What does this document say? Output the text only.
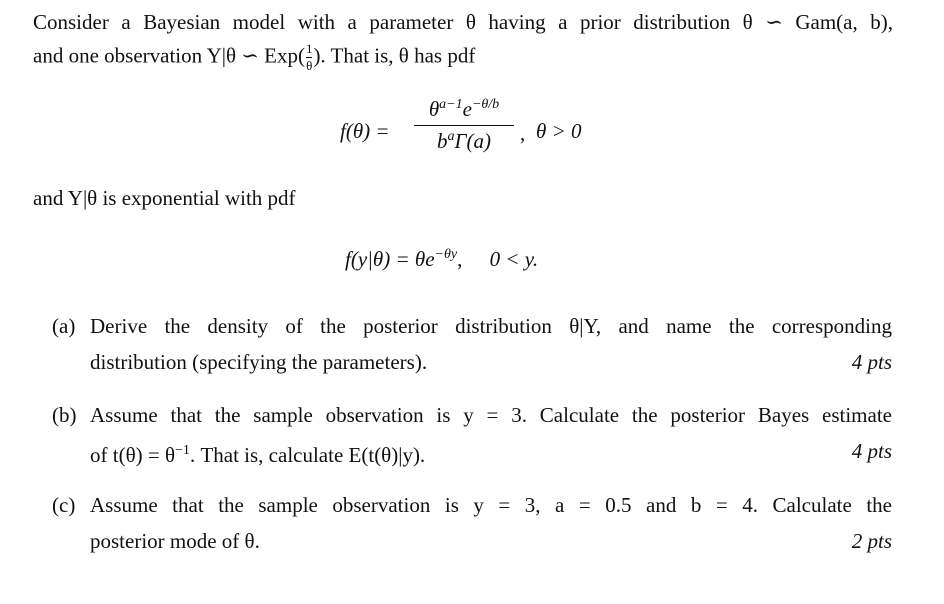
Consider a Bayesian model with a parameter θ having a prior distribution θ ∽ Gam(a, b),
and one observation Y|θ ∽ $Exp( \frac{1}{\theta}$ ). That is, θ has pdf
f(θ) =
$\theta^{a-1}e^{-\theta/b}$
$b^a\Gamma(a)$	, θ > 0
and Y|θ is exponential with pdf
$f(y|\theta) = \theta e^{-\theta y}$, 0 < y.
(a) Derive the density of the posterior distribution θ|Y, and name the corresponding
distribution (specifying the parameters).	4 pts
(b) Assume that the sample observation is y = 3. Calculate the posterior Bayes estimate
of $t(\theta) = \theta^{-1}$. That is, calculate E(t(θ)|y).	4 pts
(c) Assume that the sample observation is y = 3, a = 0.5 and b = 4. Calculate the
posterior mode of θ.	2 pts
